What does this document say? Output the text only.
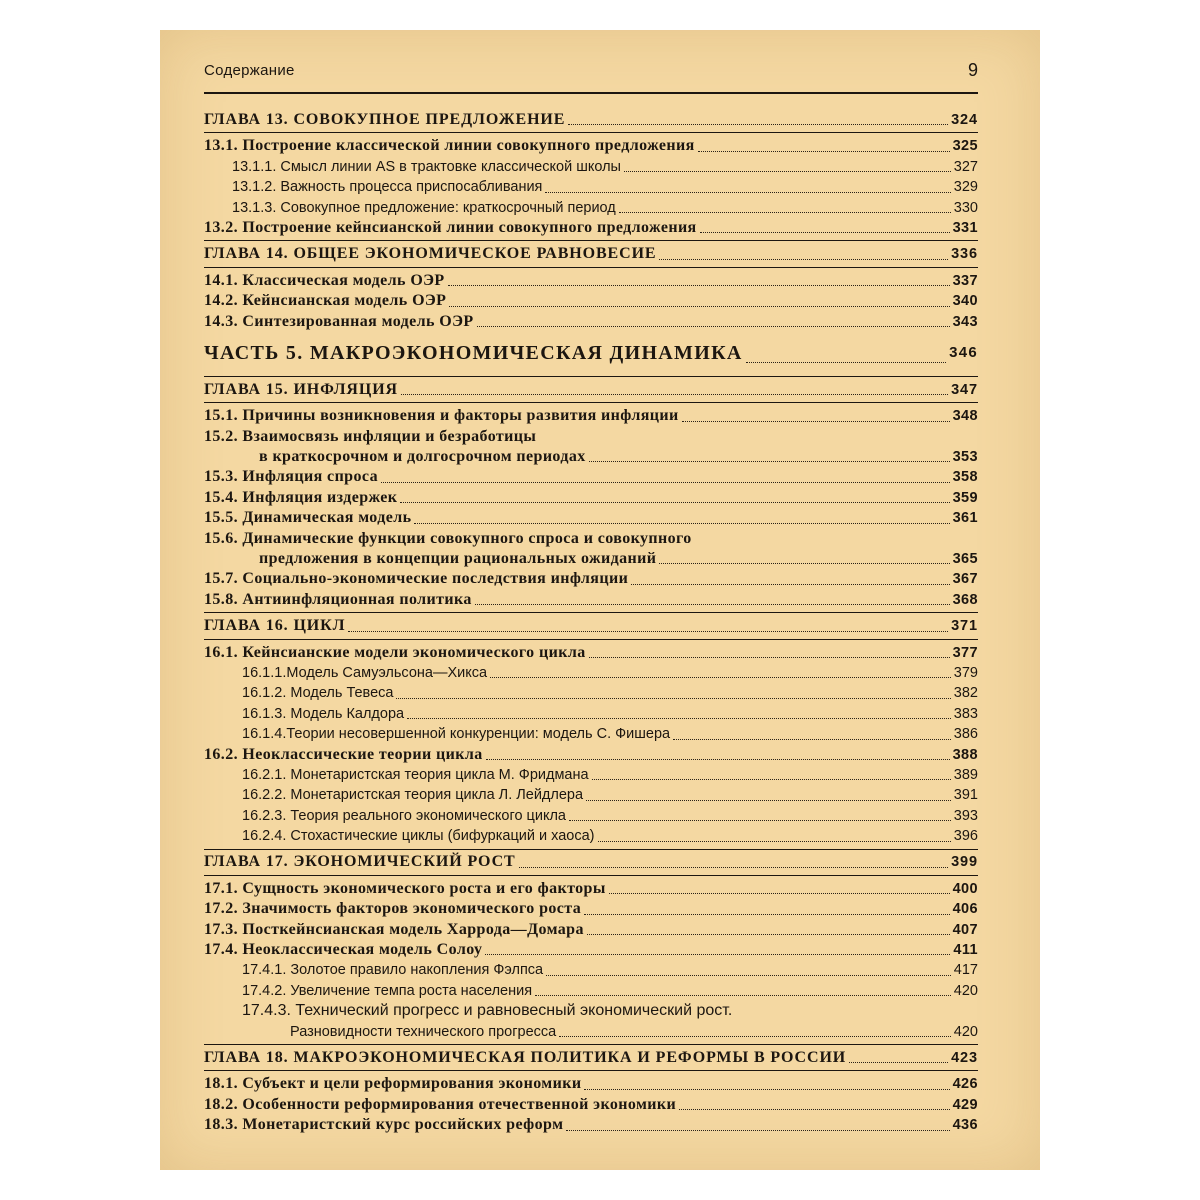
Содержание	9
ГЛАВА 13. СОВОКУПНОЕ ПРЕДЛОЖЕНИЕ	324
13.1. Построение классической линии совокупного предложения	325
13.1.1. Смысл линии AS в трактовке классической школы	327
13.1.2. Важность процесса приспосабливания	329
13.1.3. Совокупное предложение: краткосрочный период	330
13.2. Построение кейнсианской линии совокупного предложения	331
ГЛАВА 14. ОБЩЕЕ ЭКОНОМИЧЕСКОЕ РАВНОВЕСИЕ	336
14.1. Классическая модель ОЭР	337
14.2. Кейнсианская модель ОЭР	340
14.3. Синтезированная модель ОЭР	343
ЧАСТЬ 5. МАКРОЭКОНОМИЧЕСКАЯ ДИНАМИКА	346
ГЛАВА 15. ИНФЛЯЦИЯ	347
15.1. Причины возникновения и факторы развития инфляции	348
15.2. Взаимосвязь инфляции и безработицы
в краткосрочном и долгосрочном периодах	353
15.3. Инфляция спроса	358
15.4. Инфляция издержек	359
15.5. Динамическая модель	361
15.6. Динамические функции совокупного спроса и совокупного
предложения в концепции рациональных ожиданий	365
15.7. Социально-экономические последствия инфляции	367
15.8. Антиинфляционная политика	368
ГЛАВА 16. ЦИКЛ	371
16.1. Кейнсианские модели экономического цикла	377
16.1.1.Модель Самуэльсона—Хикса	379
16.1.2. Модель Тевеса	382
16.1.3. Модель Калдора	383
16.1.4.Теории несовершенной конкуренции: модель С. Фишера	386
16.2. Неоклассические теории цикла	388
16.2.1. Монетаристская теория цикла М. Фридмана	389
16.2.2. Монетаристская теория цикла Л. Лейдлера	391
16.2.3. Теория реального экономического цикла	393
16.2.4. Стохастические циклы (бифуркаций и хаоса)	396
ГЛАВА 17. ЭКОНОМИЧЕСКИЙ РОСТ	399
17.1. Сущность экономического роста и его факторы	400
17.2. Значимость факторов экономического роста	406
17.3. Посткейнсианская модель Харрода—Домара	407
17.4. Неоклассическая модель Солоу	411
17.4.1. Золотое правило накопления Фэлпса	417
17.4.2. Увеличение темпа роста населения	420
17.4.3. Технический прогресс и равновесный экономический рост.
Разновидности технического прогресса	420
ГЛАВА 18. МАКРОЭКОНОМИЧЕСКАЯ ПОЛИТИКА И РЕФОРМЫ В РОССИИ	423
18.1. Субъект и цели реформирования экономики	426
18.2. Особенности реформирования отечественной экономики	429
18.3. Монетаристский курс российских реформ	436
